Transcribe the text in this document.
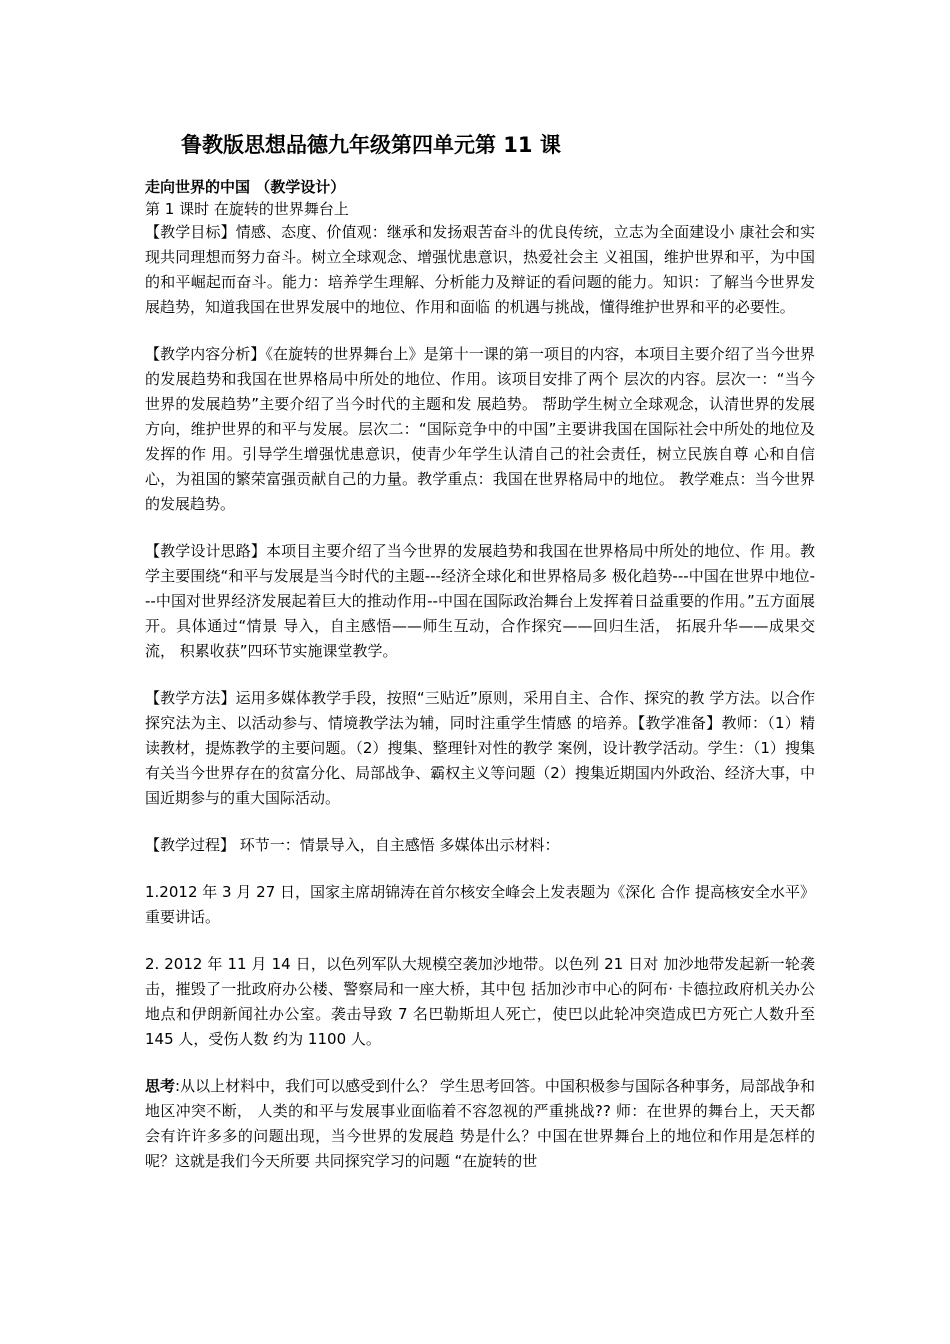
鲁教版思想品德九年级第四单元第 11 课
走向世界的中国 （教学设计）
第 1 课时 在旋转的世界舞台上

【教学目标】情感、态度、价值观：继承和发扬艰苦奋斗的优良传统，立志为全面建设小 康社会和实现共同理想而努力奋斗。树立全球观念、增强忧患意识，热爱社会主 义祖国，维护世界和平，为中国的和平崛起而奋斗。能力：培养学生理解、分析能力及辩证的看问题的能力。知识：了解当今世界发展趋势，知道我国在世界发展中的地位、作用和面临 的机遇与挑战，懂得维护世界和平的必要性。

【教学内容分析】《在旋转的世界舞台上》是第十一课的第一项目的内容，本项目主要介绍了当今世界的发展趋势和我国在世界格局中所处的地位、作用。该项目安排了两个 层次的内容。层次一：“当今世界的发展趋势”主要介绍了当今时代的主题和发 展趋势。 帮助学生树立全球观念，认清世界的发展方向，维护世界的和平与发展。层次二：“国际竞争中的中国”主要讲我国在国际社会中所处的地位及发挥的作 用。引导学生增强忧患意识，使青少年学生认清自己的社会责任，树立民族自尊 心和自信心，为祖国的繁荣富强贡献自己的力量。教学重点：我国在世界格局中的地位。 教学难点：当今世界的发展趋势。

【教学设计思路】本项目主要介绍了当今世界的发展趋势和我国在世界格局中所处的地位、作 用。教学主要围绕“和平与发展是当今时代的主题---经济全球化和世界格局多 极化趋势---中国在世界中地位---中国对世界经济发展起着巨大的推动作用--中国在国际政治舞台上发挥着日益重要的作用。”五方面展开。具体通过“情景 导入，自主感悟——师生互动，合作探究——回归生活， 拓展升华——成果交流， 积累收获”四环节实施课堂教学。

【教学方法】运用多媒体教学手段，按照“三贴近”原则，采用自主、合作、探究的教 学方法。以合作探究法为主、以活动参与、情境教学法为辅，同时注重学生情感 的培养。【教学准备】教师：（1）精读教材，提炼教学的主要问题。（2）搜集、整理针对性的教学 案例，设计教学活动。学生：（1）搜集有关当今世界存在的贫富分化、局部战争、霸权主义等问题（2）搜集近期国内外政治、经济大事，中国近期参与的重大国际活动。

【教学过程】 环节一：情景导入，自主感悟 多媒体出示材料：

1.2012 年 3 月 27 日，国家主席胡锦涛在首尔核安全峰会上发表题为《深化 合作 提高核安全水平》重要讲话。

2. 2012 年 11 月 14 日，以色列军队大规模空袭加沙地带。以色列 21 日对 加沙地带发起新一轮袭击，摧毁了一批政府办公楼、警察局和一座大桥，其中包 括加沙市中心的阿布· 卡德拉政府机关办公地点和伊朗新闻社办公室。袭击导致 7 名巴勒斯坦人死亡，使巴以此轮冲突造成巴方死亡人数升至 145 人，受伤人数 约为 1100 人。

思考:从以上材料中，我们可以感受到什么？ 学生思考回答。中国积极参与国际各种事务，局部战争和地区冲突不断， 人类的和平与发展事业面临着不容忽视的严重挑战?? 师：在世界的舞台上，天天都会有许许多多的问题出现，当今世界的发展趋 势是什么？中国在世界舞台上的地位和作用是怎样的呢？这就是我们今天所要 共同探究学习的问题 “在旋转的世
